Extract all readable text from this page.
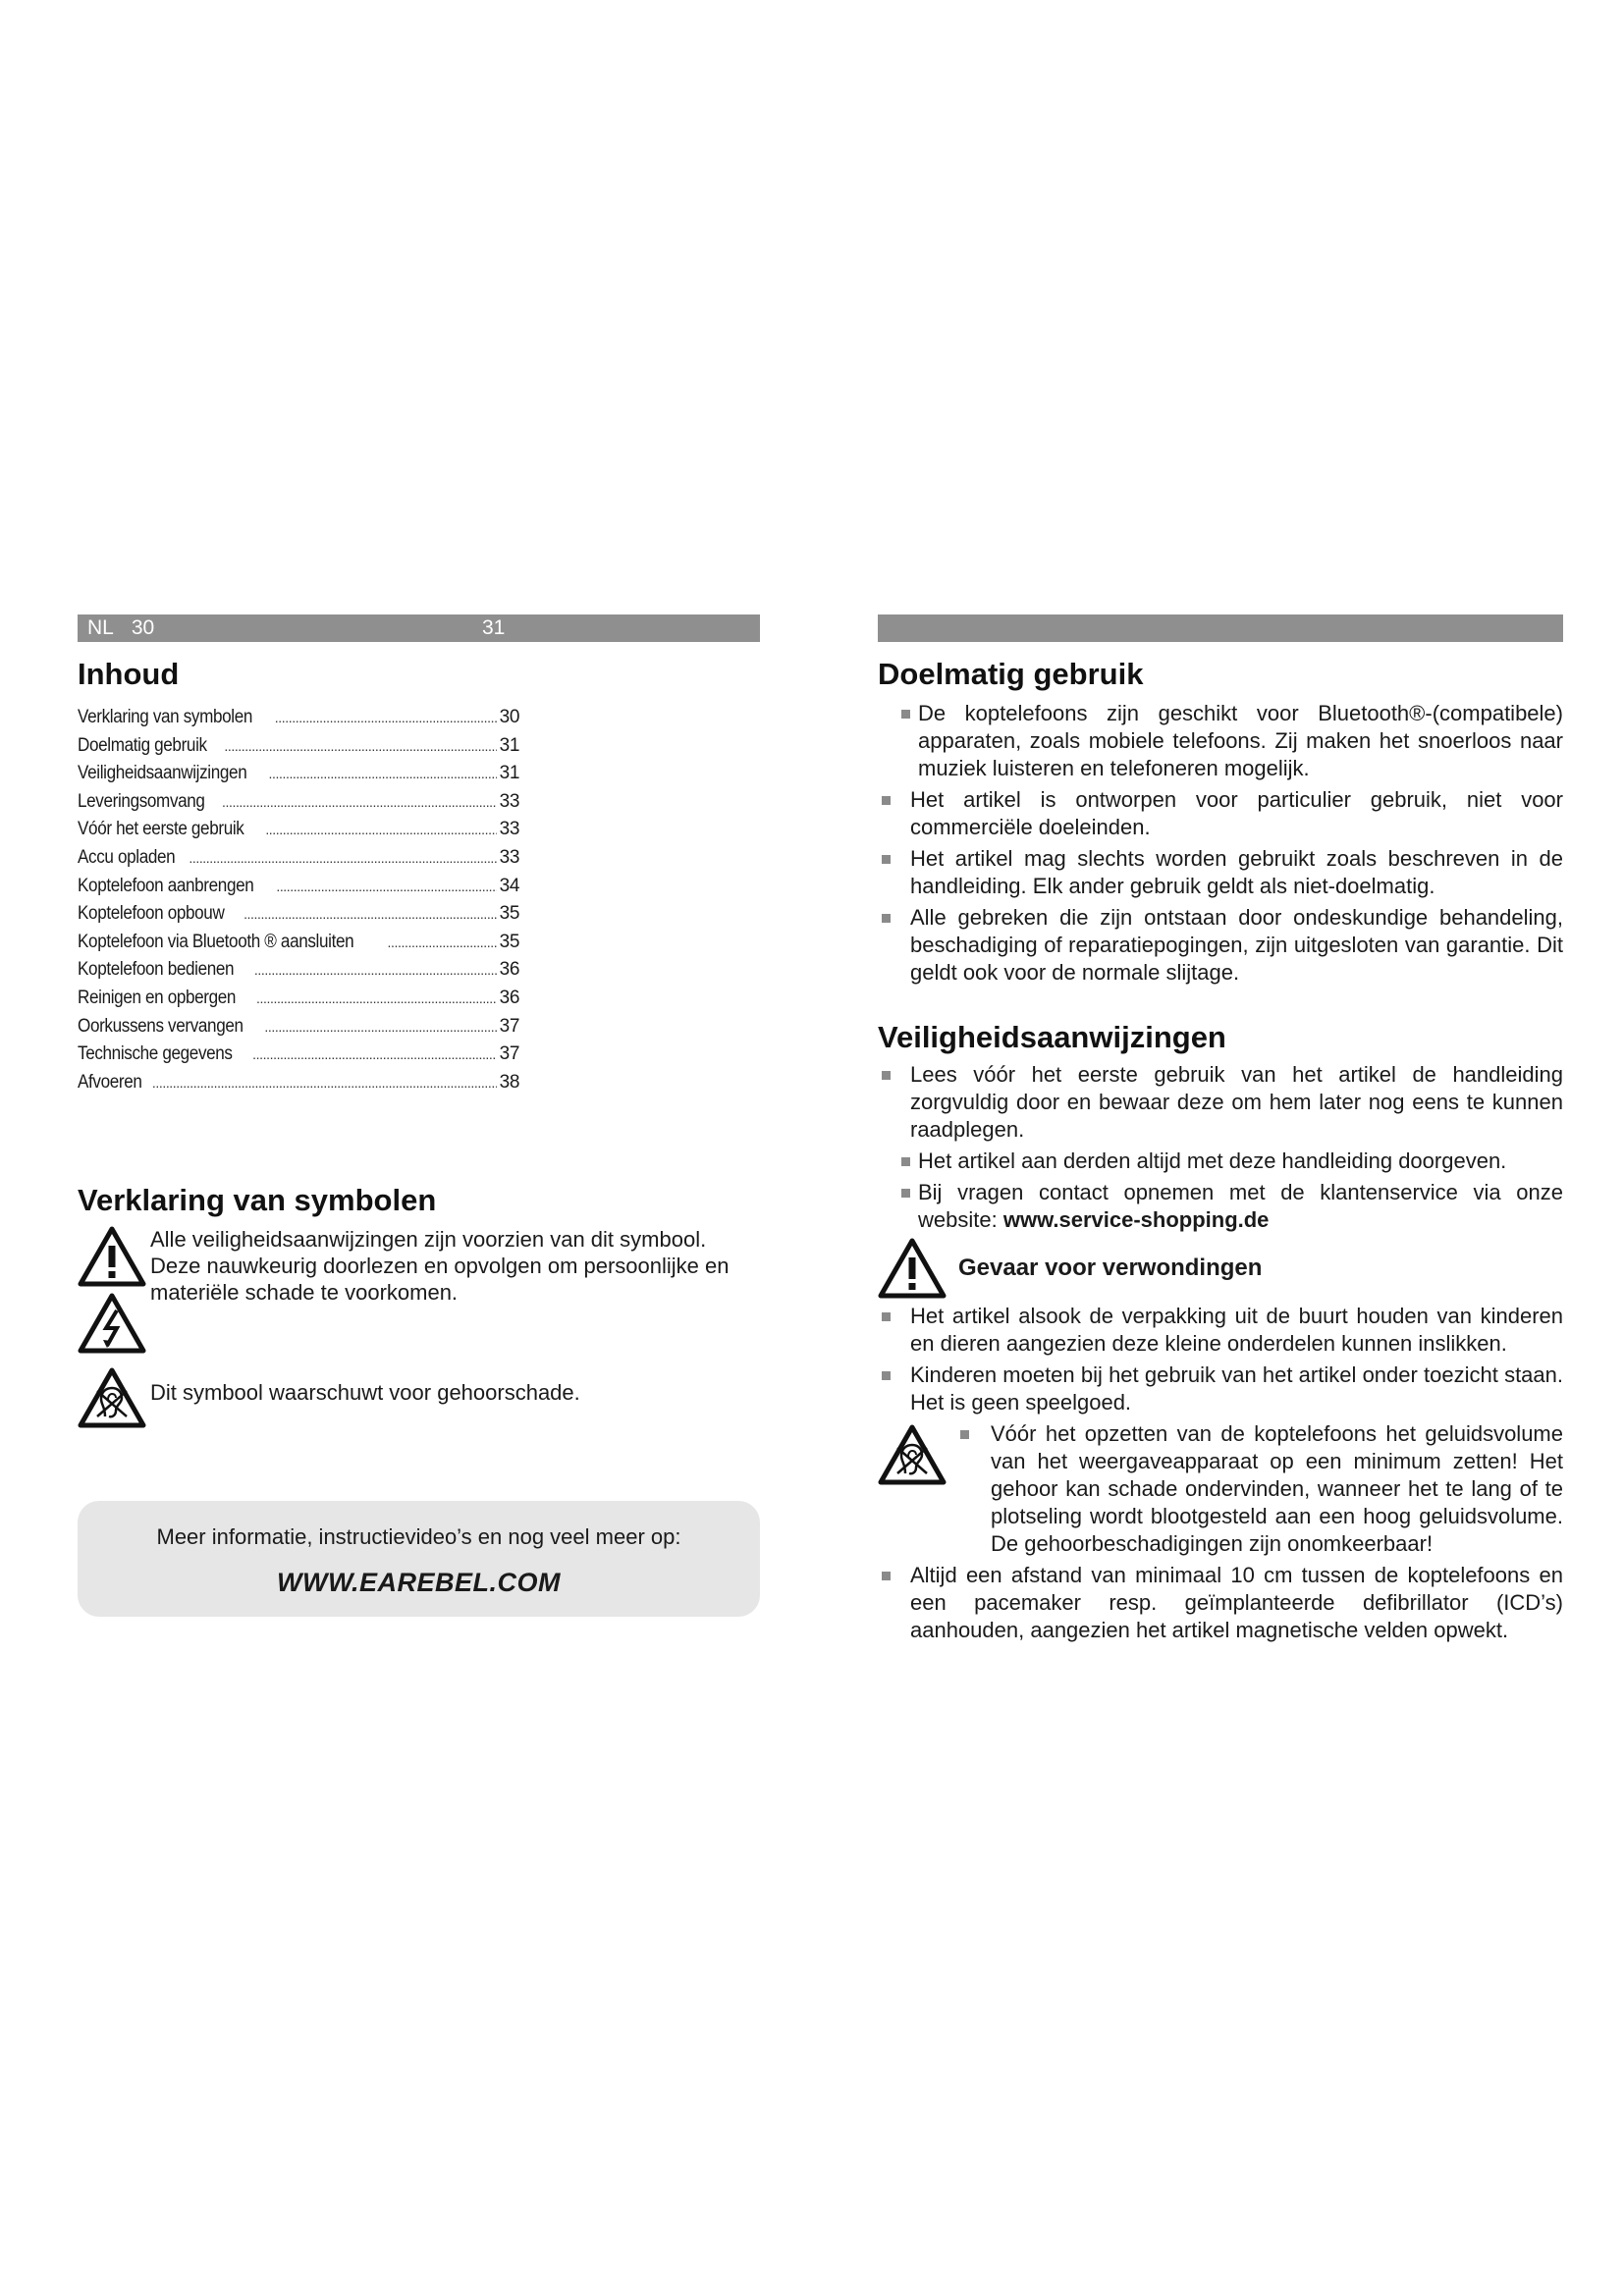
NL 30	31
Inhoud
Verklaring van symbolen .....	30
Doelmatig gebruik .....	31
Veiligheidsaanwijzingen .....	31
Leveringsomvang .....	33
Vóór het eerste gebruik .....	33
Accu opladen .....	33
Koptelefoon aanbrengen .....	34
Koptelefoon opbouw .....	35
Koptelefoon via Bluetooth ® aansluiten .....	35
Koptelefoon bedienen .....	36
Reinigen en opbergen .....	36
Oorkussens vervangen .....	37
Technische gegevens .....	37
Afvoeren .....	38
Verklaring van symbolen
Alle veiligheidsaanwijzingen zijn voorzien van dit symbool. Deze nauwkeurig doorlezen en opvolgen om persoonlijke en materiële schade te voorkomen.
Dit symbool waarschuwt voor gehoorschade.
Meer informatie, instructievideo’s en nog veel meer op:
WWW.EAREBEL.COM
Doelmatig gebruik
De koptelefoons zijn geschikt voor Bluetooth®-(compatibele) apparaten, zoals mobiele telefoons. Zij maken het snoerloos naar muziek luisteren en telefoneren mogelijk.
Het artikel is ontworpen voor particulier gebruik, niet voor commerciële doeleinden.
Het artikel mag slechts worden gebruikt zoals beschreven in de handleiding. Elk ander gebruik geldt als niet-doelmatig.
Alle gebreken die zijn ontstaan door ondeskundige behandeling, beschadiging of reparatiepogingen, zijn uitgesloten van garantie. Dit geldt ook voor de normale slijtage.
Veiligheidsaanwijzingen
Lees vóór het eerste gebruik van het artikel de handleiding zorgvuldig door en bewaar deze om hem later nog eens te kunnen raadplegen.
Het artikel aan derden altijd met deze handleiding doorgeven.
Bij vragen contact opnemen met de klantenservice via onze website: www.service-shopping.de
Gevaar voor verwondingen
Het artikel alsook de verpakking uit de buurt houden van kinderen en dieren aangezien deze kleine onderdelen kunnen inslikken.
Kinderen moeten bij het gebruik van het artikel onder toezicht staan. Het is geen speelgoed.
Vóór het opzetten van de koptelefoons het geluidsvolume van het weergaveapparaat op een minimum zetten! Het gehoor kan schade ondervinden, wanneer het te lang of te plotseling wordt blootgesteld aan een hoog geluidsvolume. De gehoorbeschadigingen zijn onomkeerbaar!
Altijd een afstand van minimaal 10 cm tussen de koptelefoons en een pacemaker resp. geïmplanteerde defibrillator (ICD’s) aanhouden, aangezien het artikel magnetische velden opwekt.
